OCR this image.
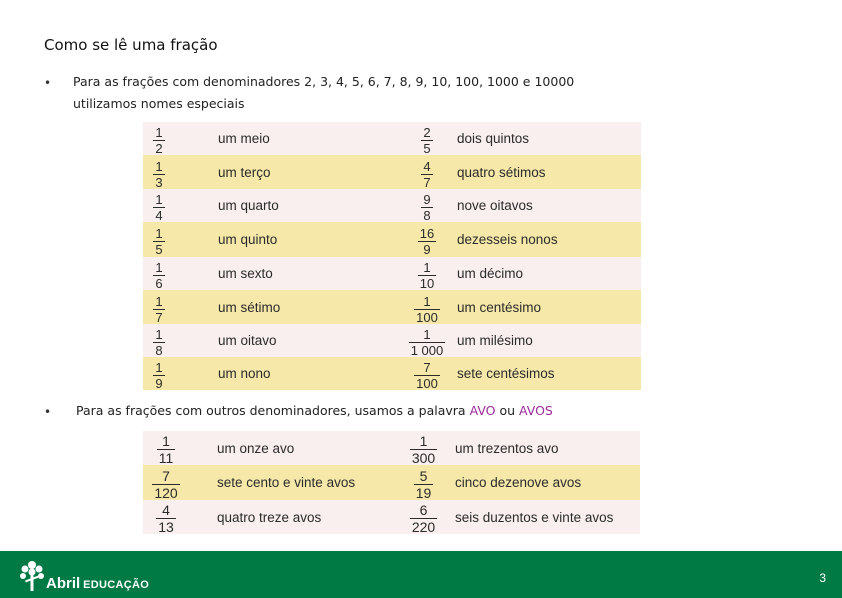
Como se lê uma fração
• Para as frações com denominadores 2, 3, 4, 5, 6, 7, 8, 9, 10, 100, 1000 e 10000
utilizamos nomes especiais
$\frac{1}{2}$	um meio	$\frac{2}{5}$	dois quintos

$\frac{1}{3}$	um terço	$\frac{4}{7}$	quatro sétimos

$\frac{1}{4}$	um quarto	$\frac{9}{8}$	nove oitavos

$\frac{1}{5}$	um quinto	$\frac{16}{9}$	dezesseis nonos

$\frac{1}{6}$	um sexto	$\frac{1}{10}$	um décimo

$\frac{1}{7}$	um sétimo	$\frac{1}{100}$	um centésimo

$\frac{1}{8}$	um oitavo	$\frac{1}{1 000}$	um milésimo

$\frac{1}{9}$	um nono	$\frac{7}{100}$	sete centésimos
• Para as frações com outros denominadores, usamos a palavra AVO ou AVOS
$\frac{1}{11}$	um onze avo	$\frac{1}{300}$	um trezentos avo

$\frac{7}{120}$	sete cento e vinte avos	$\frac{5}{19}$	cinco dezenove avos

$\frac{4}{13}$	quatro treze avos	$\frac{6}{220}$	seis duzentos e vinte avos
Abril EDUCAÇÃO	3
